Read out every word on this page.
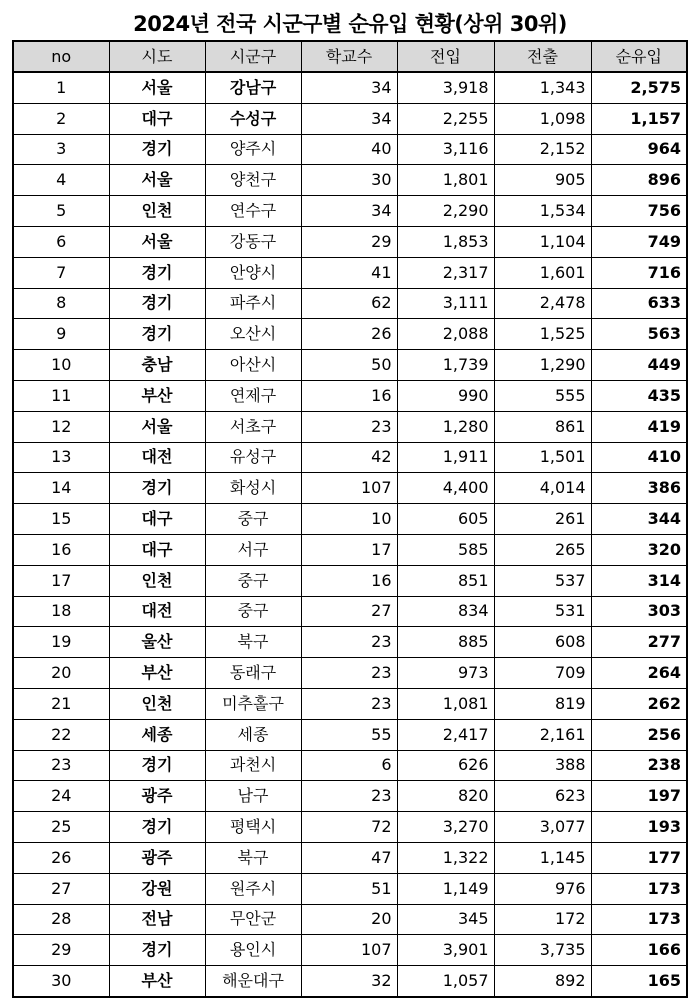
2024년 전국 시군구별 순유입 현황(상위 30위)
no	시도	시군구	학교수	전입	전출	순유입
1	서울	강남구	34	3,918	1,343	2,575
2	대구	수성구	34	2,255	1,098	1,157
3	경기	양주시	40	3,116	2,152	964
4	서울	양천구	30	1,801	905	896
5	인천	연수구	34	2,290	1,534	756
6	서울	강동구	29	1,853	1,104	749
7	경기	안양시	41	2,317	1,601	716
8	경기	파주시	62	3,111	2,478	633
9	경기	오산시	26	2,088	1,525	563
10	충남	아산시	50	1,739	1,290	449
11	부산	연제구	16	990	555	435
12	서울	서초구	23	1,280	861	419
13	대전	유성구	42	1,911	1,501	410
14	경기	화성시	107	4,400	4,014	386
15	대구	중구	10	605	261	344
16	대구	서구	17	585	265	320
17	인천	중구	16	851	537	314
18	대전	중구	27	834	531	303
19	울산	북구	23	885	608	277
20	부산	동래구	23	973	709	264
21	인천	미추홀구	23	1,081	819	262
22	세종	세종	55	2,417	2,161	256
23	경기	과천시	6	626	388	238
24	광주	남구	23	820	623	197
25	경기	평택시	72	3,270	3,077	193
26	광주	북구	47	1,322	1,145	177
27	강원	원주시	51	1,149	976	173
28	전남	무안군	20	345	172	173
29	경기	용인시	107	3,901	3,735	166
30	부산	해운대구	32	1,057	892	165
